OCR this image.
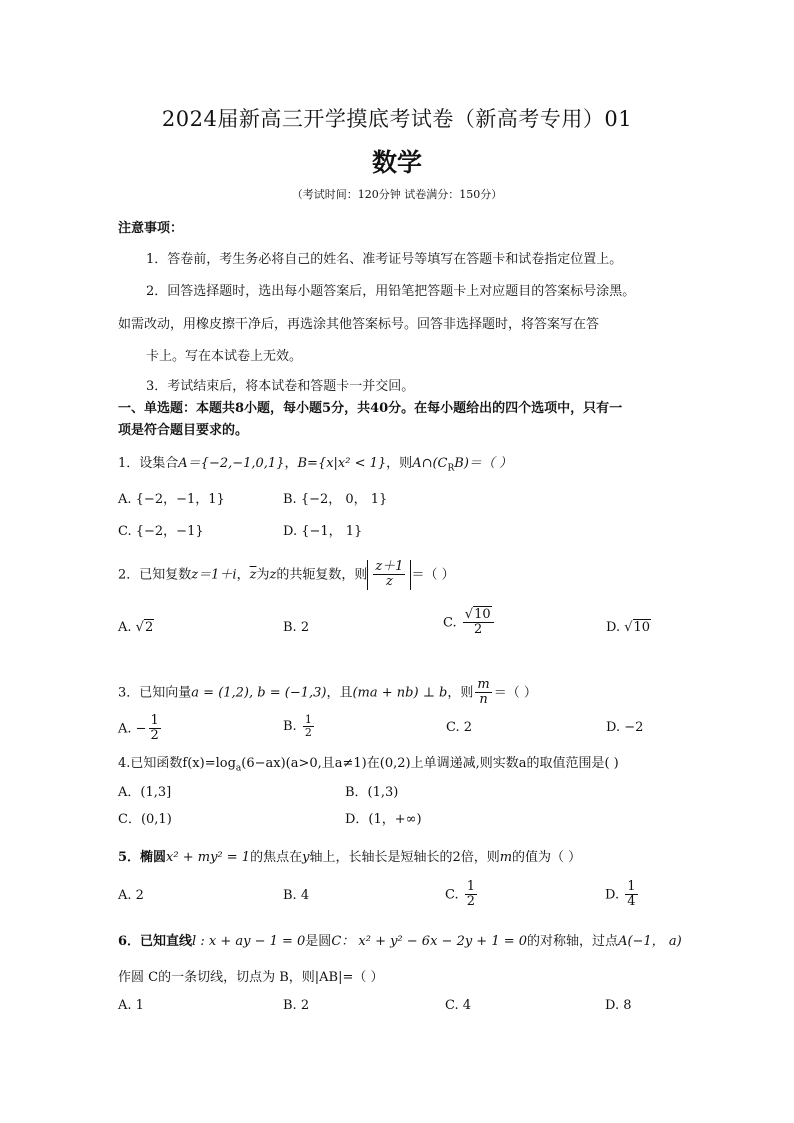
2024届新高三开学摸底考试卷（新高考专用）01
数学
（考试时间：120分钟 试卷满分：150分）
注意事项：
1．答卷前，考生务必将自己的姓名、准考证号等填写在答题卡和试卷指定位置上。
2．回答选择题时，选出每小题答案后，用铅笔把答题卡上对应题目的答案标号涂黑。
如需改动，用橡皮擦干净后，再选涂其他答案标号。回答非选择题时，将答案写在答
卡上。写在本试卷上无效。
3．考试结束后，将本试卷和答题卡一并交回。
一、单选题：本题共8小题，每小题5分，共40分。在每小题给出的四个选项中，只有一
项是符合题目要求的。
1．设集合A＝{−2,−1,0,1}，B={x|x² < 1}，则$A\cap(C_RB)=$（ ）
A. {−2，−1，1}	B. {−2， 0， 1}
C. {−2，−1}	D. {−1， 1}
2．已知复数z＝1＋i，$\overline{z}$为z的共轭复数，则 $\frac{z+1}{z}$ ＝（ ）
A. √2	B. 2	C. $\frac{√10}{2}$	D. √10
3．已知向量a = (1,2), b = (−1,3)，且(ma + nb) ⊥ b，则 $\frac{m}{n}$ ＝（ ）
A. − $\frac{1}{2}$	B. $\frac{1}{2}$	C. 2	D. −2
4.已知函数$f(x)=\log_a(6-ax)(a>0$,且a≠1)在(0,2)上单调递减,则实数a的取值范围是( )
A．(1,3]	B．(1,3)
C．(0,1)	D．(1，+∞)
5．椭圆x² + my² = 1的焦点在y轴上，长轴长是短轴长的2倍，则m的值为（ ）
A. 2	B. 4	C. $\frac{1}{2}$	D. $\frac{1}{4}$
6．已知直线l : x + ay − 1 = 0是圆C： x² + y² − 6x − 2y + 1 = 0的对称轴，过点A(−1， a)
作圆 C的一条切线，切点为 B，则|AB|=（ ）
A. 1	B. 2	C. 4	D. 8
